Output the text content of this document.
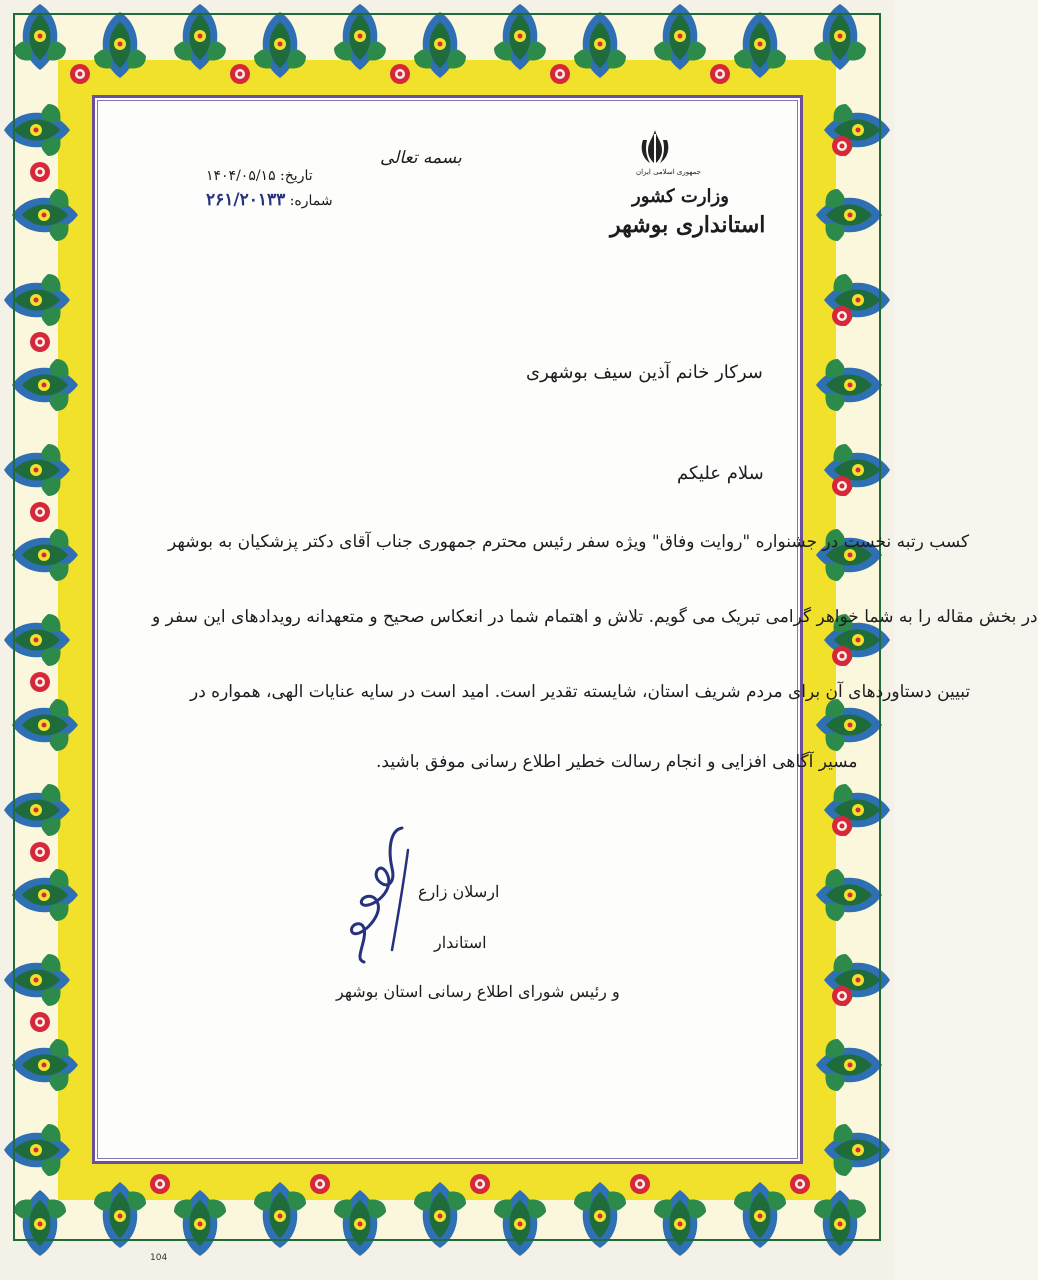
بسمه تعالی
جمهوری اسلامی ایران
وزارت کشور
استانداری بوشهر
تاریخ: ۱۴۰۴/۰۵/۱۵
شماره: ۲۶۱/۲۰۱۳۳
سرکار خانم آذین سیف بوشهری
سلام علیکم
کسب رتبه نخست در جشنواره "روایت وفاق" ویژه سفر رئیس محترم جمهوری جناب آقای دکتر پزشکیان به بوشهر
در بخش مقاله را به شما خواهر گرامی تبریک می گویم. تلاش و اهتمام شما در انعکاس صحیح و متعهدانه رویدادهای این سفر و
تبیین دستاوردهای آن برای مردم شریف استان، شایسته تقدیر است. امید است در سایه عنایات الهی، همواره در
مسیر آگاهی افزایی و انجام رسالت خطیر اطلاع رسانی موفق باشید.
ارسلان زارع
استاندار
و رئیس شورای اطلاع رسانی استان بوشهر
104
